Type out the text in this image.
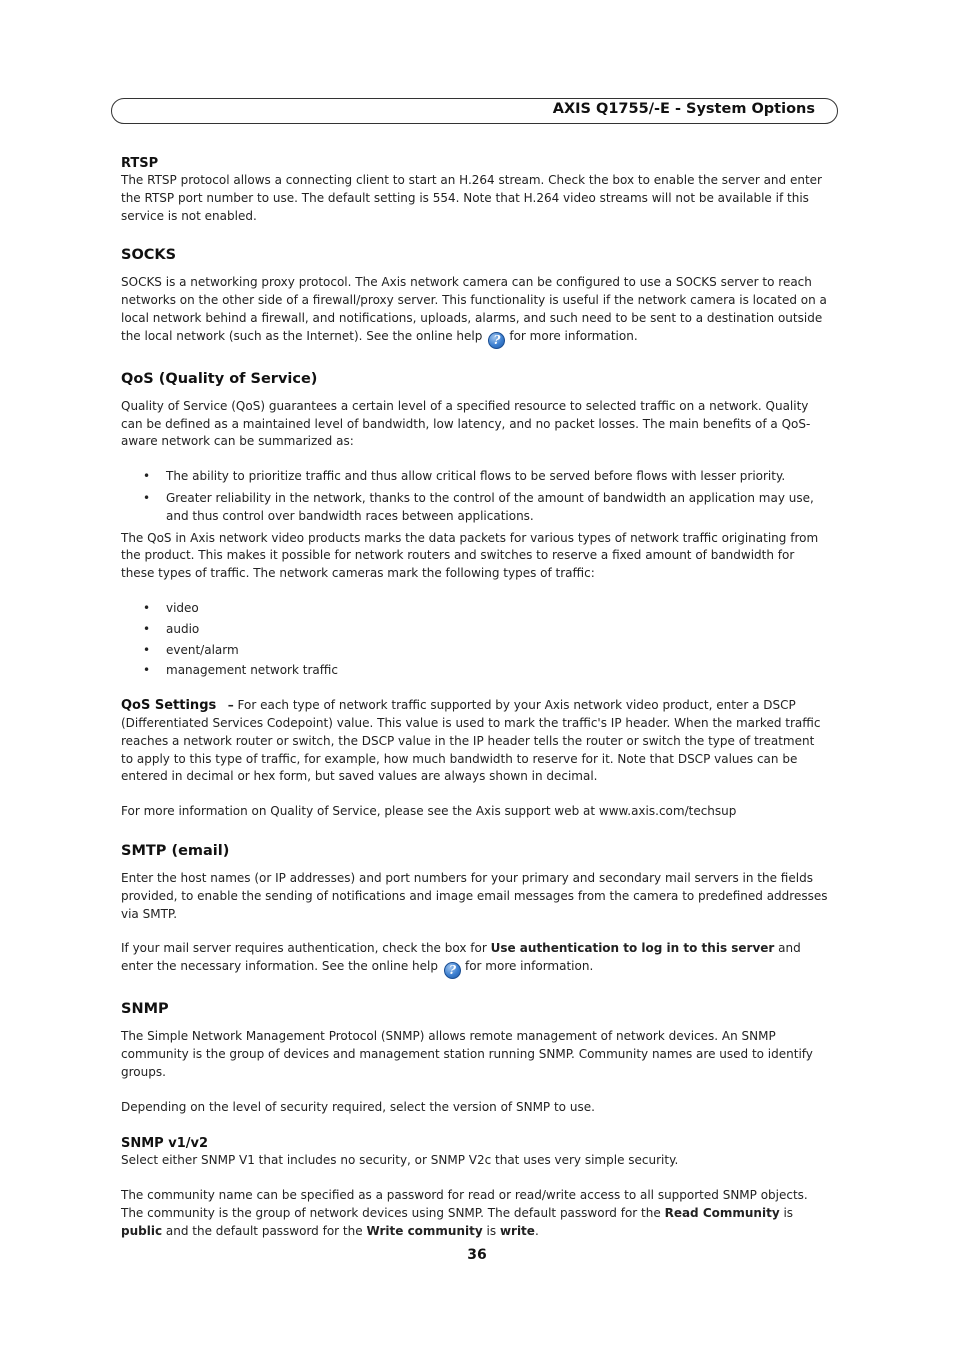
AXIS Q1755/-E - System Options
RTSP

The RTSP protocol allows a connecting client to start an H.264 stream. Check the box to enable the server and enter the RTSP port number to use. The default setting is 554. Note that H.264 video streams will not be available if this service is not enabled.

SOCKS

SOCKS is a networking proxy protocol. The Axis network camera can be configured to use a SOCKS server to reach networks on the other side of a firewall/proxy server. This functionality is useful if the network camera is located on a local network behind a firewall, and notifications, uploads, alarms, and such need to be sent to a destination outside the local network (such as the Internet). See the online help ? for more information.

QoS (Quality of Service)

Quality of Service (QoS) guarantees a certain level of a specified resource to selected traffic on a network. Quality can be defined as a maintained level of bandwidth, low latency, and no packet losses. The main benefits of a QoS-aware network can be summarized as:

• The ability to prioritize traffic and thus allow critical flows to be served before flows with lesser priority.
• Greater reliability in the network, thanks to the control of the amount of bandwidth an application may use, and thus control over bandwidth races between applications.

The QoS in Axis network video products marks the data packets for various types of network traffic originating from the product. This makes it possible for network routers and switches to reserve a fixed amount of bandwidth for these types of traffic. The network cameras mark the following types of traffic:

• video
• audio
• event/alarm
• management network traffic

QoS Settings – For each type of network traffic supported by your Axis network video product, enter a DSCP (Differentiated Services Codepoint) value. This value is used to mark the traffic's IP header. When the marked traffic reaches a network router or switch, the DSCP value in the IP header tells the router or switch the type of treatment to apply to this type of traffic, for example, how much bandwidth to reserve for it. Note that DSCP values can be entered in decimal or hex form, but saved values are always shown in decimal.

For more information on Quality of Service, please see the Axis support web at www.axis.com/techsup

SMTP (email)

Enter the host names (or IP addresses) and port numbers for your primary and secondary mail servers in the fields provided, to enable the sending of notifications and image email messages from the camera to predefined addresses via SMTP.

If your mail server requires authentication, check the box for Use authentication to log in to this server and enter the necessary information. See the online help ? for more information.

SNMP

The Simple Network Management Protocol (SNMP) allows remote management of network devices. An SNMP community is the group of devices and management station running SNMP. Community names are used to identify groups.

Depending on the level of security required, select the version of SNMP to use.

SNMP v1/v2

Select either SNMP V1 that includes no security, or SNMP V2c that uses very simple security.

The community name can be specified as a password for read or read/write access to all supported SNMP objects. The community is the group of network devices using SNMP. The default password for the Read Community is public and the default password for the Write community is write.

36
